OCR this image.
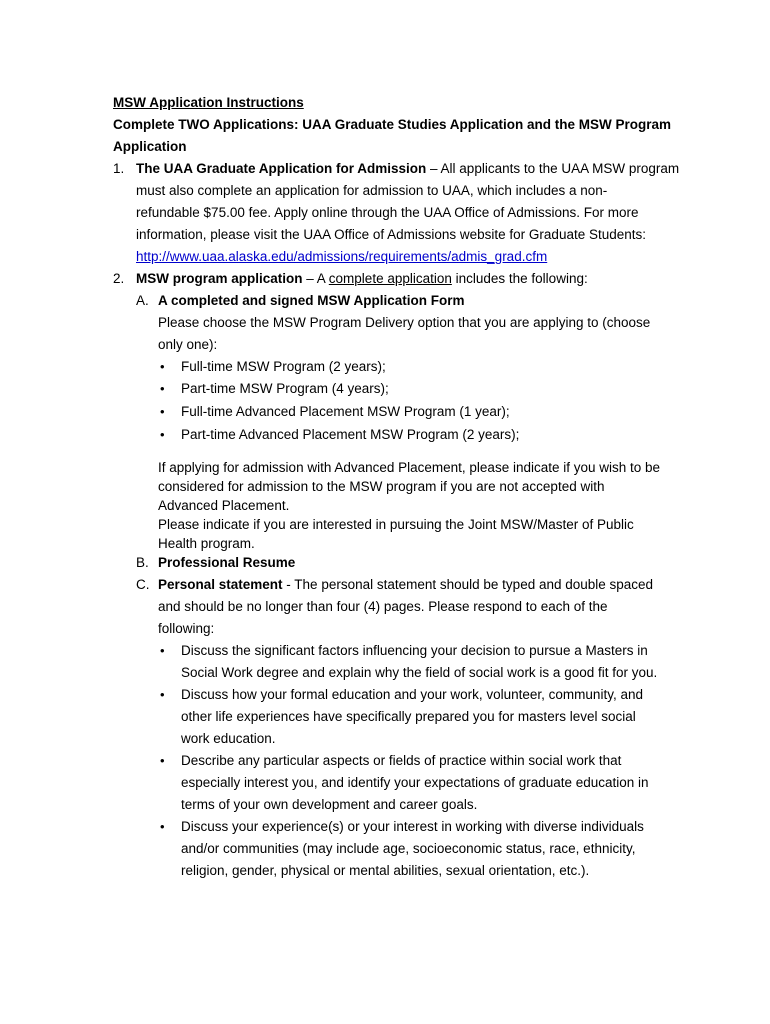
MSW Application Instructions
Complete TWO Applications: UAA Graduate Studies Application and the MSW Program
Application
1. The UAA Graduate Application for Admission – All applicants to the UAA MSW program
must also complete an application for admission to UAA, which includes a non-
refundable $75.00 fee. Apply online through the UAA Office of Admissions. For more
information, please visit the UAA Office of Admissions website for Graduate Students:
http://www.uaa.alaska.edu/admissions/requirements/admis_grad.cfm
2. MSW program application – A complete application includes the following:
A. A completed and signed MSW Application Form
Please choose the MSW Program Delivery option that you are applying to (choose
only one):
• Full-time MSW Program (2 years);
• Part-time MSW Program (4 years);
• Full-time Advanced Placement MSW Program (1 year);
• Part-time Advanced Placement MSW Program (2 years);
If applying for admission with Advanced Placement, please indicate if you wish to be
considered for admission to the MSW program if you are not accepted with
Advanced Placement.
Please indicate if you are interested in pursuing the Joint MSW/Master of Public
Health program.
B. Professional Resume
C. Personal statement - The personal statement should be typed and double spaced
and should be no longer than four (4) pages. Please respond to each of the
following:
• Discuss the significant factors influencing your decision to pursue a Masters in
Social Work degree and explain why the field of social work is a good fit for you.
• Discuss how your formal education and your work, volunteer, community, and
other life experiences have specifically prepared you for masters level social
work education.
• Describe any particular aspects or fields of practice within social work that
especially interest you, and identify your expectations of graduate education in
terms of your own development and career goals.
• Discuss your experience(s) or your interest in working with diverse individuals
and/or communities (may include age, socioeconomic status, race, ethnicity,
religion, gender, physical or mental abilities, sexual orientation, etc.).
